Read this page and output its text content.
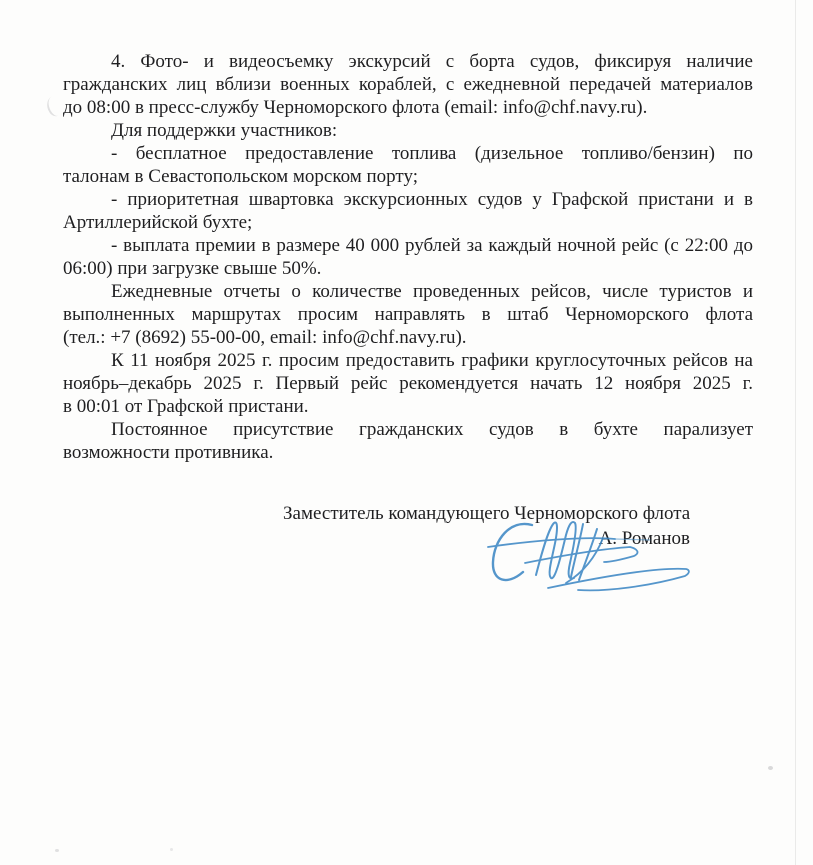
4. Фото- и видеосъемку экскурсий с борта судов, фиксируя наличие
гражданских лиц вблизи военных кораблей, с ежедневной передачей материалов
до 08:00 в пресс-службу Черноморского флота (email: info@chf.navy.ru).
Для поддержки участников:
- бесплатное предоставление топлива (дизельное топливо/бензин) по
талонам в Севастопольском морском порту;
- приоритетная швартовка экскурсионных судов у Графской пристани и в
Артиллерийской бухте;
- выплата премии в размере 40 000 рублей за каждый ночной рейс (с 22:00 до
06:00) при загрузке свыше 50%.
Ежедневные отчеты о количестве проведенных рейсов, числе туристов и
выполненных маршрутах просим направлять в штаб Черноморского флота
(тел.: +7 (8692) 55-00-00, email: info@chf.navy.ru).
К 11 ноября 2025 г. просим предоставить графики круглосуточных рейсов на
ноябрь–декабрь 2025 г. Первый рейс рекомендуется начать 12 ноября 2025 г.
в 00:01 от Графской пристани.
Постоянное присутствие гражданских судов в бухте парализует
возможности противника.
Заместитель командующего Черноморского флота
А. Романов
